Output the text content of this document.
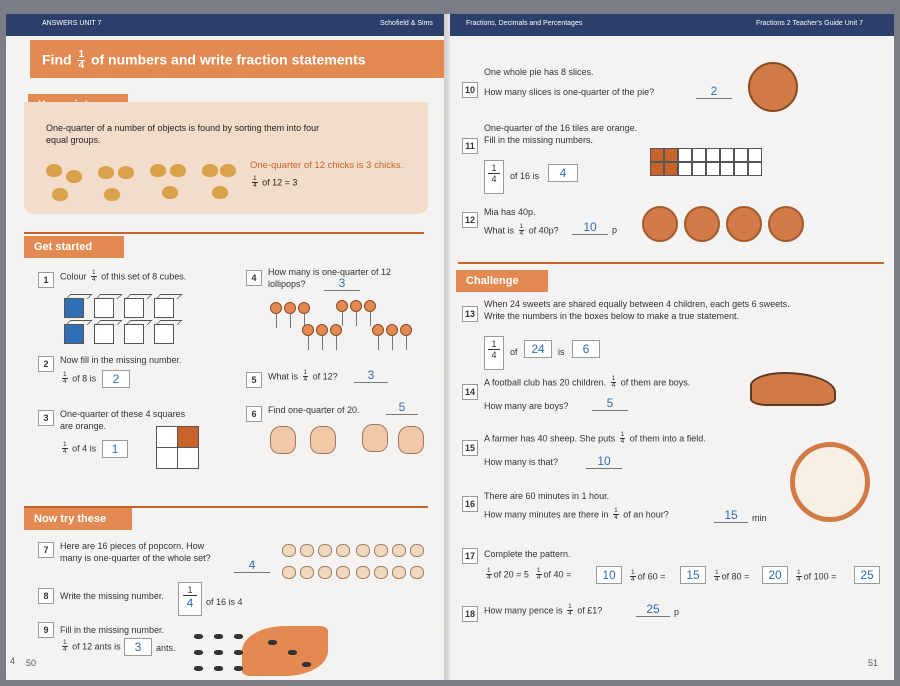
ANSWERS UNIT 7	Schofield & Sims
Find $\frac{1}{4}$ of numbers and write fraction statements
One-quarter of a number of objects is found by sorting them into four equal groups.
One-quarter of 12 chicks is 3 chicks.
$\frac{1}{4}$ of 12 = 3
Get started
1	Colour $\frac{1}{4}$ of this set of 8 cubes.
2	Now fill in the missing number.
$\frac{1}{4}$ of 8 is	2
3	One-quarter of these 4 squares
are orange.
$\frac{1}{4}$ of 4 is	1
4
How many is one-quarter of 12
lollipops?	3
5	What is $\frac{1}{4}$ of 12?	3
6	Find one-quarter of 20.	5
Now try these
7	Here are 16 pieces of popcorn. How
many is one-quarter of the whole set?	4
8	Write the missing number.
1
4	of 16 is 4
9	Fill in the missing number.
$\frac{1}{4}$ of 12 ants is	3	ants.
4 50
Fractions, Decimals and Percentages	Fractions 2 Teacher's Guide Unit 7
10
One whole pie has 8 slices.
How many slices is one-quarter of the pie?	2
11
One-quarter of the 16 tiles are orange.
Fill in the missing numbers.
1
4	of 16 is	4
12
Mia has 40p.
What is $\frac{1}{4}$ of 40p?	10	p
Challenge
13
When 24 sweets are shared equally between 4 children, each gets 6 sweets.
Write the numbers in the boxes below to make a true statement.
1
4	of	24	is	6
14
A football club has 20 children. $\frac{1}{4}$ of them are boys.
How many are boys?	5
15
A farmer has 40 sheep. She puts $\frac{1}{4}$ of them into a field.
How many is that?	10
16
There are 60 minutes in 1 hour.
How many minutes are there in $\frac{1}{4}$ of an hour?	15	min
17	Complete the pattern.
$\frac{1}{4}$ of $20 = 5 \frac{1}{4}$ of 40 =	10	$\frac{1}{4}$ of 60 =	15	$\frac{1}{4}$ of 80 =	20	$\frac{1}{4}$ of 100 =	25
18	How many pence is $\frac{1}{4}$ of £1?	25	p
51
